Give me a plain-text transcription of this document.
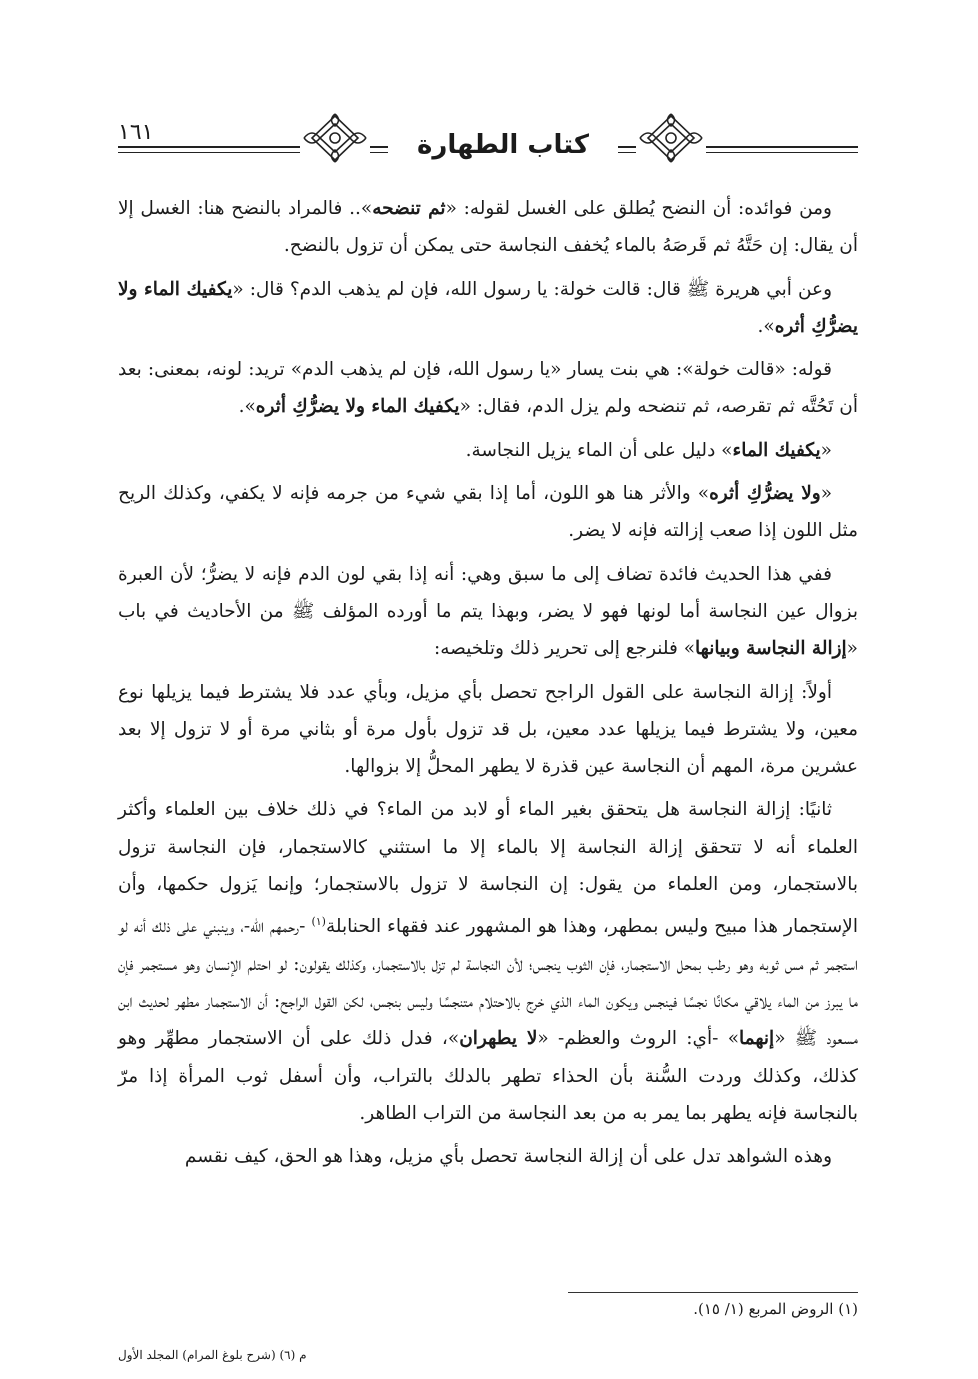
١٦١	كتاب الطهارة

ومن فوائده: أن النضح يُطلق على الغسل لقوله: «ثم تنضحه».. فالمراد بالنضح هنا: الغسل إلا أن يقال: إن حَتَّهُ ثم قَرصَهُ بالماء يُخفف النجاسة حتى يمكن أن تزول بالنضح.

وعن أبي هريرة ﷺ قال: قالت خولة: يا رسول الله، فإن لم يذهب الدم؟ قال: «يكفيك الماء ولا يضرُّكِ أثره».

قوله: «قالت خولة»: هي بنت يسار «يا رسول الله، فإن لم يذهب الدم» تريد: لونه، بمعنى: بعد أن تَحُتَّه ثم تقرصه، ثم تنضحه ولم يزل الدم، فقال: «يكفيك الماء ولا يضرُّكِ أثره».

«يكفيك الماء» دليل على أن الماء يزيل النجاسة.

«ولا يضرُّكِ أثره» والأثر هنا هو اللون، أما إذا بقي شيء من جرمه فإنه لا يكفي، وكذلك الريح مثل اللون إذا صعب إزالته فإنه لا يضر.

ففي هذا الحديث فائدة تضاف إلى ما سبق وهي: أنه إذا بقي لون الدم فإنه لا يضرُّ؛ لأن العبرة بزوال عين النجاسة أما لونها فهو لا يضر، وبهذا يتم ما أورده المؤلف ﷺ من الأحاديث في باب «إزالة النجاسة وبيانها» فلنرجع إلى تحرير ذلك وتلخيصه:

أولاً: إزالة النجاسة على القول الراجح تحصل بأي مزيل، وبأي عدد فلا يشترط فيما يزيلها نوع معين، ولا يشترط فيما يزيلها عدد معين، بل قد تزول بأول مرة أو بثاني مرة أو لا تزول إلا بعد عشرين مرة، المهم أن النجاسة عين قذرة لا يطهر المحلُّ إلا بزوالها.

ثانيًا: إزالة النجاسة هل يتحقق بغير الماء أو لابد من الماء؟ في ذلك خلاف بين العلماء وأكثر العلماء أنه لا تتحقق إزالة النجاسة إلا بالماء إلا ما استثني كالاستجمار، فإن النجاسة تزول بالاستجمار، ومن العلماء من يقول: إن النجاسة لا تزول بالاستجمار؛ وإنما يَزول حكمها، وأن الإستجمار هذا مبيح وليس بمطهر، وهذا هو المشهور عند فقهاء الحنابلة$^{(١)}$ -رحمهم الله-، وينبني على ذلك أنه لو استجمر ثم مس ثوبه وهو رطب بمحل الاستجمار، فإن الثوب ينجس؛ لأن النجاسة لم تزل بالاستجمار، وكذلك يقولون: لو احتلم الإنسان وهو مستجمر فإن ما يبرز من الماء يلاقي مكانًا نجسًا فينجس ويكون الماء الذي خرج بالاحتلام متنجسًا وليس بنجس، لكن القول الراجح: أن الاستجمار مطهر لحديث ابن مسعود ﷺ «إنهما» -أي: الروث والعظم- «لا يطهران»، فدل ذلك على أن الاستجمار مطهِّر وهو كذلك، وكذلك وردت السُّنة بأن الحذاء تطهر بالدلك بالتراب، وأن أسفل ثوب المرأة إذا مرّ بالنجاسة فإنه يطهر بما يمر به من بعد النجاسة من التراب الطاهر.

وهذه الشواهد تدل على أن إزالة النجاسة تحصل بأي مزيل، وهذا هو الحق، كيف نقسم

(١) الروض المربع (١/ ١٥).
م (٦) (شرح بلوغ المرام) المجلد الأول
